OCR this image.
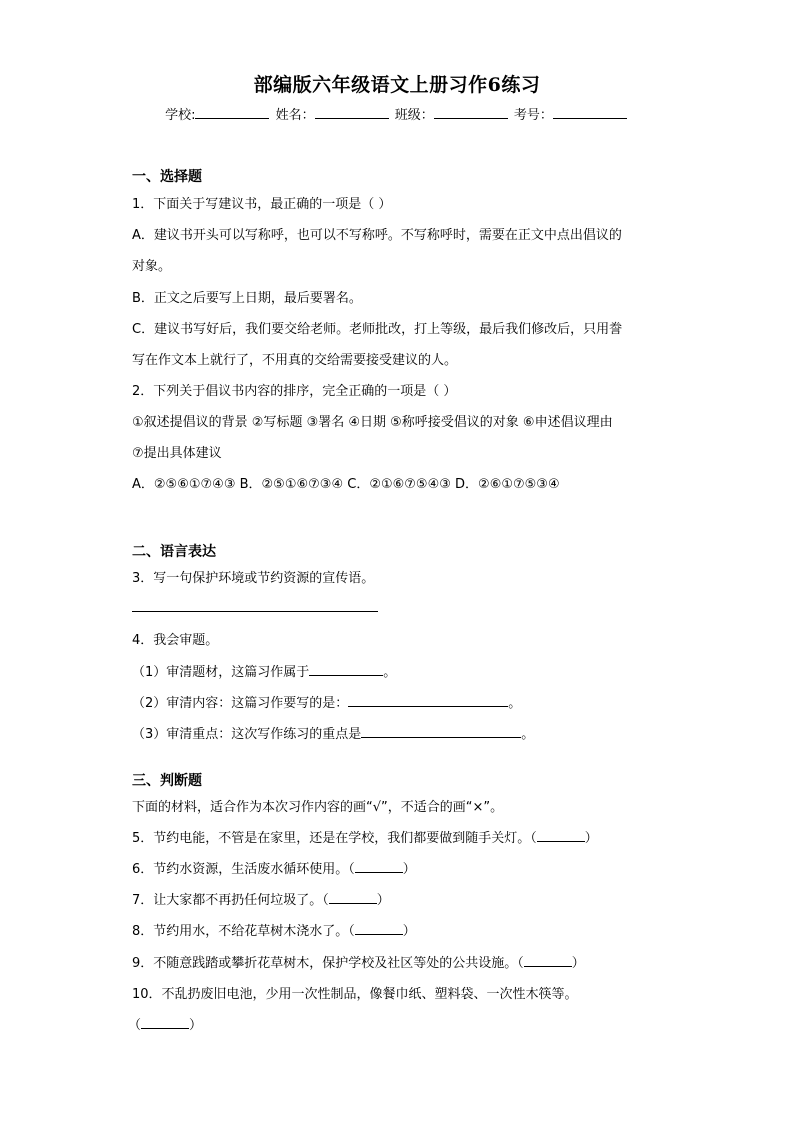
部编版六年级语文上册习作6练习
学校:	姓名：	班级：	考号：
一、选择题
1．下面关于写建议书，最正确的一项是（ ）
A．建议书开头可以写称呼，也可以不写称呼。不写称呼时，需要在正文中点出倡议的
对象。
B．正文之后要写上日期，最后要署名。
C．建议书写好后，我们要交给老师。老师批改，打上等级，最后我们修改后，只用誊
写在作文本上就行了，不用真的交给需要接受建议的人。
2．下列关于倡议书内容的排序，完全正确的一项是（ ）
①叙述提倡议的背景 ②写标题 ③署名 ④日期 ⑤称呼接受倡议的对象 ⑥申述倡议理由
⑦提出具体建议
A．②⑤⑥①⑦④③ B．②⑤①⑥⑦③④ C．②①⑥⑦⑤④③ D．②⑥①⑦⑤③④
二、语言表达
3．写一句保护环境或节约资源的宣传语。
4．我会审题。
（1）审清题材，这篇习作属于	。
（2）审清内容：这篇习作要写的是：	。
（3）审清重点：这次写作练习的重点是	。
三、判断题
下面的材料，适合作为本次习作内容的画“√”，不适合的画“×”。
5．节约电能，不管是在家里，还是在学校，我们都要做到随手关灯。（	）
6．节约水资源，生活废水循环使用。（	）
7．让大家都不再扔任何垃圾了。（	）
8．节约用水，不给花草树木浇水了。（	）
9．不随意践踏或攀折花草树木，保护学校及社区等处的公共设施。（	）
10．不乱扔废旧电池，少用一次性制品，像餐巾纸、塑料袋、一次性木筷等。
（	）
